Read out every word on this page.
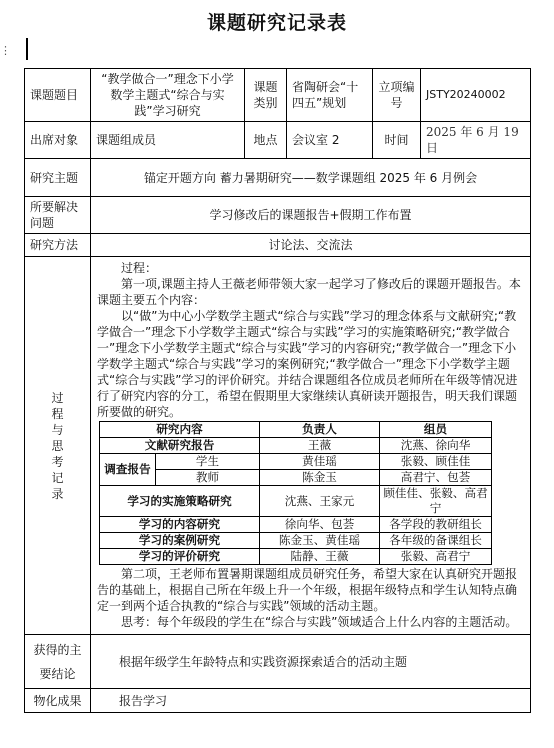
课题研究记录表
⋮
课题题目	“教学做合一”理念下小学数学主题式“综合与实践”学习研究	课题类别	省陶研会“十四五”规划	立项编号	JSTY20240002
出席对象	课题组成员	地点	会议室 2	时间	2025 年 6 月 19 日
研究主题	锚定开题方向 蓄力暑期研究——数学课题组 2025 年 6 月例会
所要解决问题	学习修改后的课题报告+假期工作布置
研究方法	讨论法、交流法

过
程
与
思
考
记
录

过程：

第一项,课题主持人王薇老师带领大家一起学习了修改后的课题开题报告。本课题主要五个内容：

以“做”为中心小学数学主题式“综合与实践”学习的理念体系与文献研究;“教学做合一”理念下小学数学主题式“综合与实践”学习的实施策略研究;“教学做合一”理念下小学数学主题式“综合与实践”学习的内容研究;“教学做合一”理念下小学数学主题式“综合与实践”学习的案例研究;“教学做合一”理念下小学数学主题式“综合与实践”学习的评价研究。并结合课题组各位成员老师所在年级等情况进行了研究内容的分工，希望在假期里大家继续认真研读开题报告，明天我们课题所要做的研究。

研究内容	负责人	组员
文献研究报告	王薇	沈燕、徐向华
调查报告	学生	黄佳瑶	张毅、顾佳佳
教师	陈金玉	高君宁、包荟
学习的实施策略研究	沈燕、王家元	顾佳佳、张毅、高君宁
学习的内容研究	徐向华、包荟	各学段的教研组长
学习的案例研究	陈金玉、黄佳瑶	各年级的备课组长
学习的评价研究	陆静、王薇	张毅、高君宁

第二项，王老师布置暑期课题组成员研究任务，希望大家在认真研究开题报告的基础上，根据自己所在年级上升一个年级，根据年级特点和学生认知特点确定一到两个适合执教的“综合与实践”领域的活动主题。

思考：每个年级段的学生在“综合与实践”领域适合上什么内容的主题活动。

获得的主要结论	根据年级学生年龄特点和实践资源探索适合的活动主题
物化成果	报告学习
